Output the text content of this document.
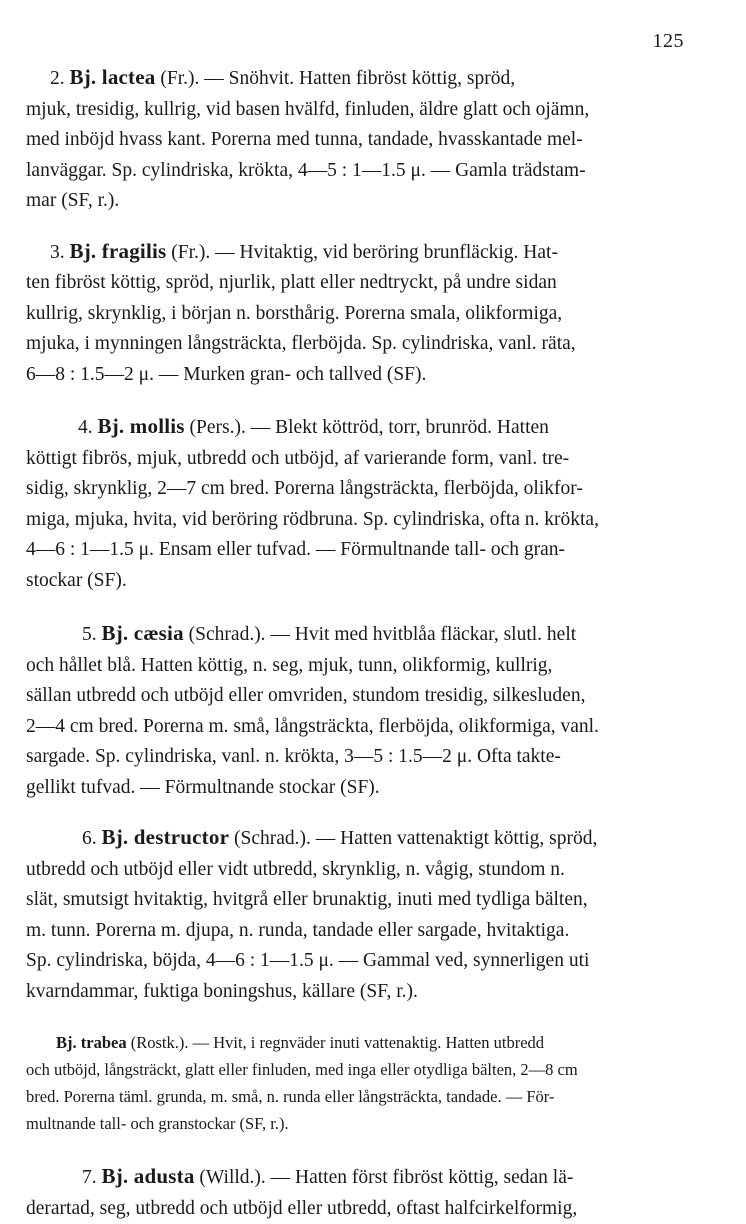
125

2. Bj. lactea (Fr.). — Snöhvit. Hatten fibröst köttig, spröd,
mjuk, tresidig, kullrig, vid basen hvälfd, finluden, äldre glatt och ojämn,
med inböjd hvass kant. Porerna med tunna, tandade, hvasskantade mel-
lanväggar. Sp. cylindriska, krökta, 4—5 : 1—1.5 μ. — Gamla trädstam-
mar (SF, r.).

3. Bj. fragilis (Fr.). — Hvitaktig, vid beröring brunfläckig. Hat-
ten fibröst köttig, spröd, njurlik, platt eller nedtryckt, på undre sidan
kullrig, skrynklig, i början n. borsthårig. Porerna smala, olikformiga,
mjuka, i mynningen långsträckta, flerböjda. Sp. cylindriska, vanl. räta,
6—8 : 1.5—2 μ. — Murken gran- och tallved (SF).

4. Bj. mollis (Pers.). — Blekt köttröd, torr, brunröd. Hatten
köttigt fibrös, mjuk, utbredd och utböjd, af varierande form, vanl. tre-
sidig, skrynklig, 2—7 cm bred. Porerna långsträckta, flerböjda, olikfor-
miga, mjuka, hvita, vid beröring rödbruna. Sp. cylindriska, ofta n. krökta,
4—6 : 1—1.5 μ. Ensam eller tufvad. — Förmultnande tall- och gran-
stockar (SF).

5. Bj. cæsia (Schrad.). — Hvit med hvitblåa fläckar, slutl. helt
och hållet blå. Hatten köttig, n. seg, mjuk, tunn, olikformig, kullrig,
sällan utbredd och utböjd eller omvriden, stundom tresidig, silkesluden,
2—4 cm bred. Porerna m. små, långsträckta, flerböjda, olikformiga, vanl.
sargade. Sp. cylindriska, vanl. n. krökta, 3—5 : 1.5—2 μ. Ofta takte-
gellikt tufvad. — Förmultnande stockar (SF).

6. Bj. destructor (Schrad.). — Hatten vattenaktigt köttig, spröd,
utbredd och utböjd eller vidt utbredd, skrynklig, n. vågig, stundom n.
slät, smutsigt hvitaktig, hvitgrå eller brunaktig, inuti med tydliga bälten,
m. tunn. Porerna m. djupa, n. runda, tandade eller sargade, hvitaktiga.
Sp. cylindriska, böjda, 4—6 : 1—1.5 μ. — Gammal ved, synnerligen uti
kvarndammar, fuktiga boningshus, källare (SF, r.).

Bj. trabea (Rostk.). — Hvit, i regnväder inuti vattenaktig. Hatten utbredd
och utböjd, långsträckt, glatt eller finluden, med inga eller otydliga bälten, 2—8 cm
bred. Porerna täml. grunda, m. små, n. runda eller långsträckta, tandade. — För-
multnande tall- och granstockar (SF, r.).

7. Bj. adusta (Willd.). — Hatten först fibröst köttig, sedan lä-
derartad, seg, utbredd och utböjd eller utbredd, oftast halfcirkelformig,
